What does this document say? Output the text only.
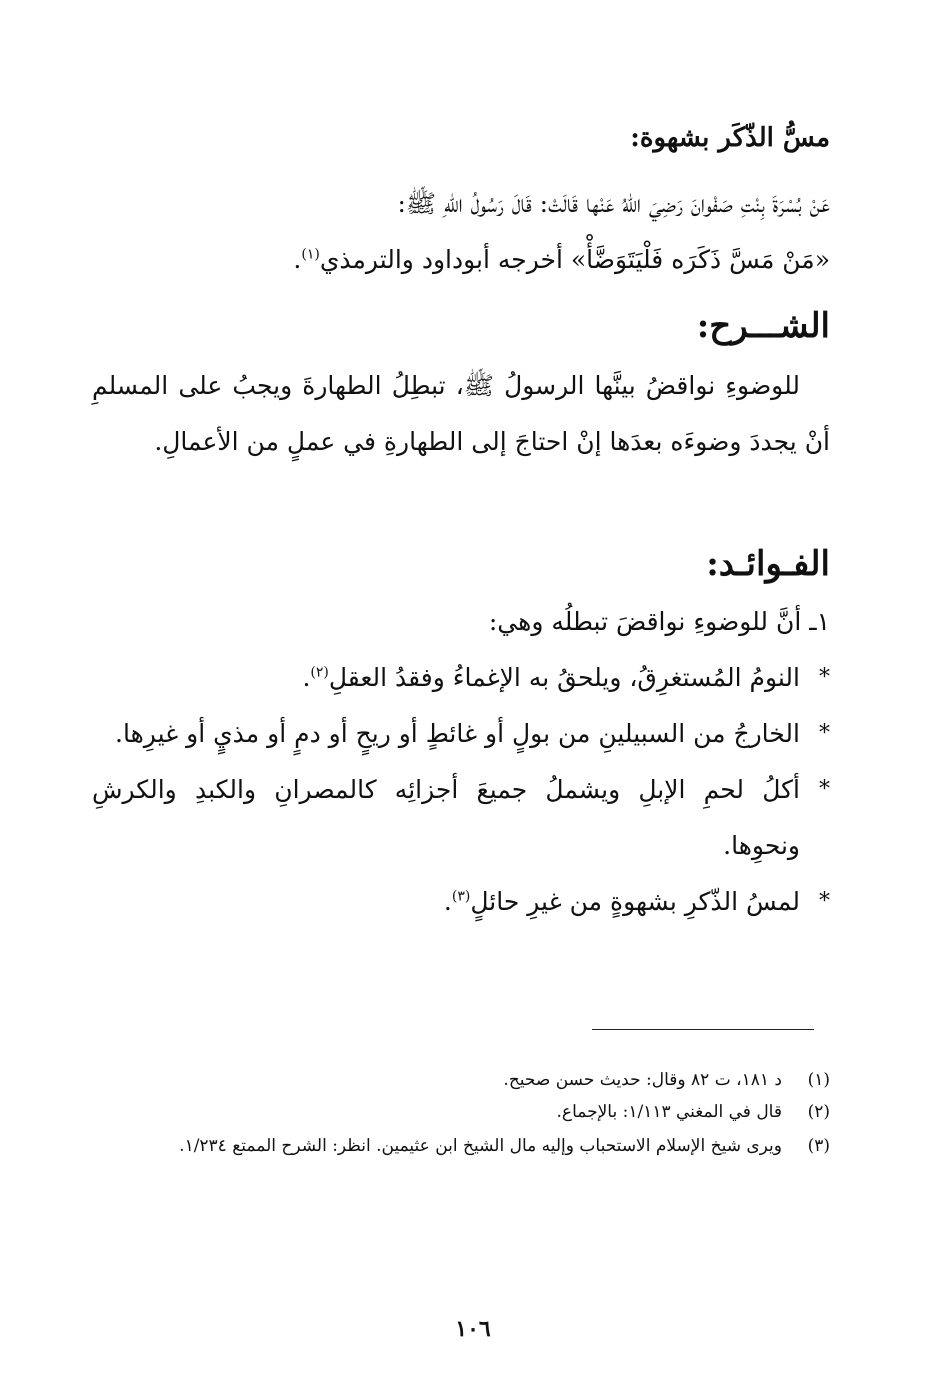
مسُّ الذّكَر بشهوة:
عَنْ بُسْرَةَ بِنْتِ صَفْوانَ رَضِيَ اللهُ عَنْها قَالَتْ: قَالَ رَسُولُ اللهِ ﷺ:
«مَنْ مَسَّ ذَكَرَه فَلْيَتَوَضَّأْ» أخرجه أبوداود والترمذي$^{(١)}$.
الشـــرح:
للوضوءِ نواقضُ بينَّها الرسولُ ﷺ، تبطِلُ الطهارةَ ويجبُ على المسلمِ أنْ يجددَ وضوءَه بعدَها إنْ احتاجَ إلى الطهارةِ في عملٍ من الأعمالِ.
الفـوائـد:
١ـ أنَّ للوضوءِ نواقضَ تبطلُه وهي:
*
النومُ المُستغرِقُ، ويلحقُ به الإغماءُ وفقدُ العقلِ$^{(٢)}$.
*
الخارجُ من السبيلينِ من بولٍ أو غائطٍ أو ريحٍ أو دمٍ أو مذيٍ أو غيرِها.
*
أكلُ لحمِ الإبلِ ويشملُ جميعَ أجزائِه كالمصرانِ والكبدِ والكرشِ ونحوِها.
*
لمسُ الذّكرِ بشهوةٍ من غيرِ حائلٍ$^{(٣)}$.
(١)
د ١٨١، ت ٨٢ وقال: حديث حسن صحيح.
(٢)
قال في المغني ١/١١٣: بالإجماع.
(٣)
ويرى شيخ الإسلام الاستحباب وإليه مال الشيخ ابن عثيمين. انظر: الشرح الممتع ١/٢٣٤.
١٠٦
